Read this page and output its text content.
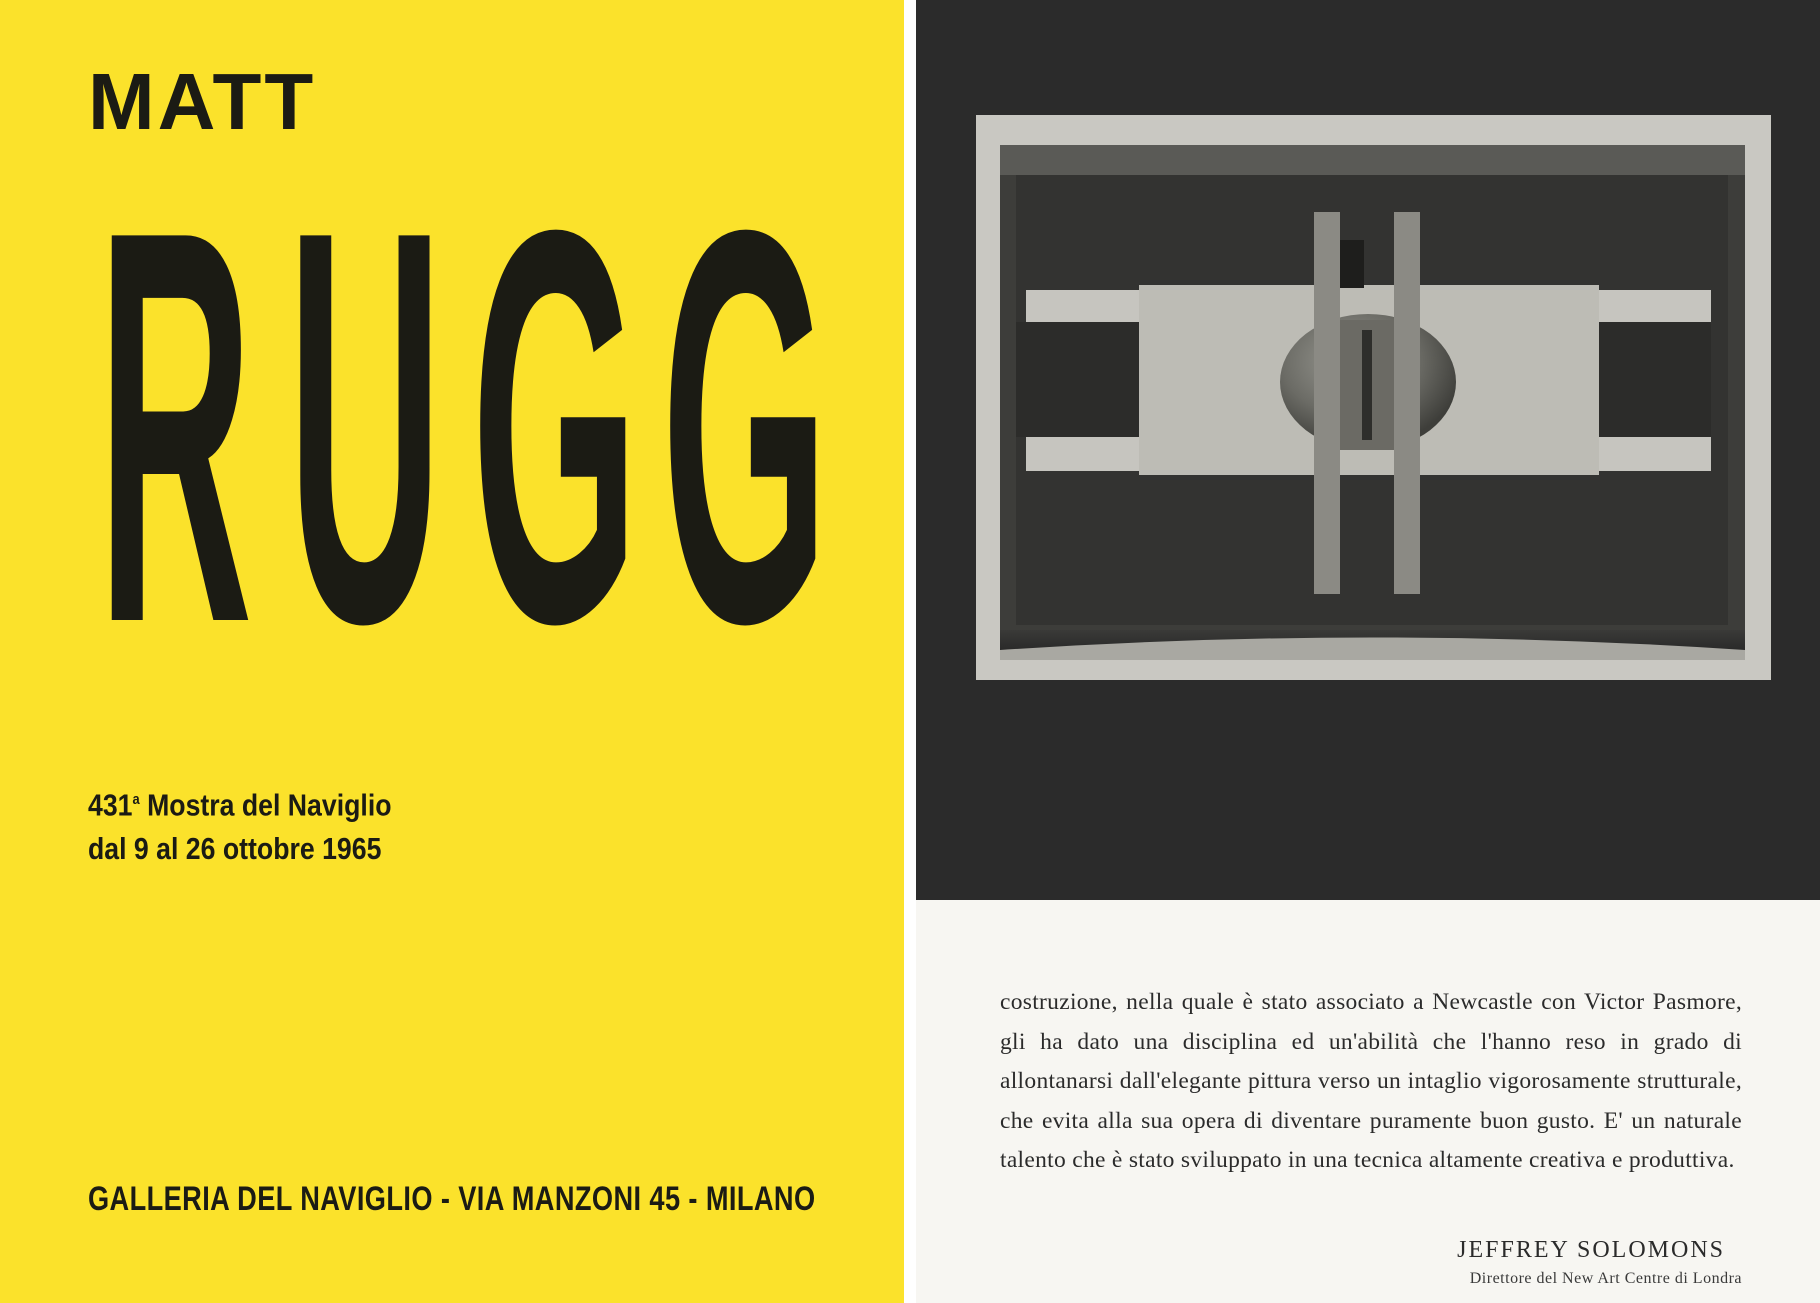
MATT
R U G G
431$^a$ Mostra del Naviglio
dal 9 al 26 ottobre 1965
GALLERIA DEL NAVIGLIO - VIA MANZONI 45 - MILANO
costruzione, nella quale è stato associato a Newcastle con Victor Pasmore, gli ha dato una disciplina ed un'abilità che l'hanno reso in grado di allontanarsi dall'elegante pittura verso un intaglio vigorosamente strutturale, che evita alla sua opera di diventare puramente buon gusto. E' un naturale talento che è stato sviluppato in una tecnica altamente creativa e produttiva.
JEFFREY SOLOMONS
Direttore del New Art Centre di Londra
